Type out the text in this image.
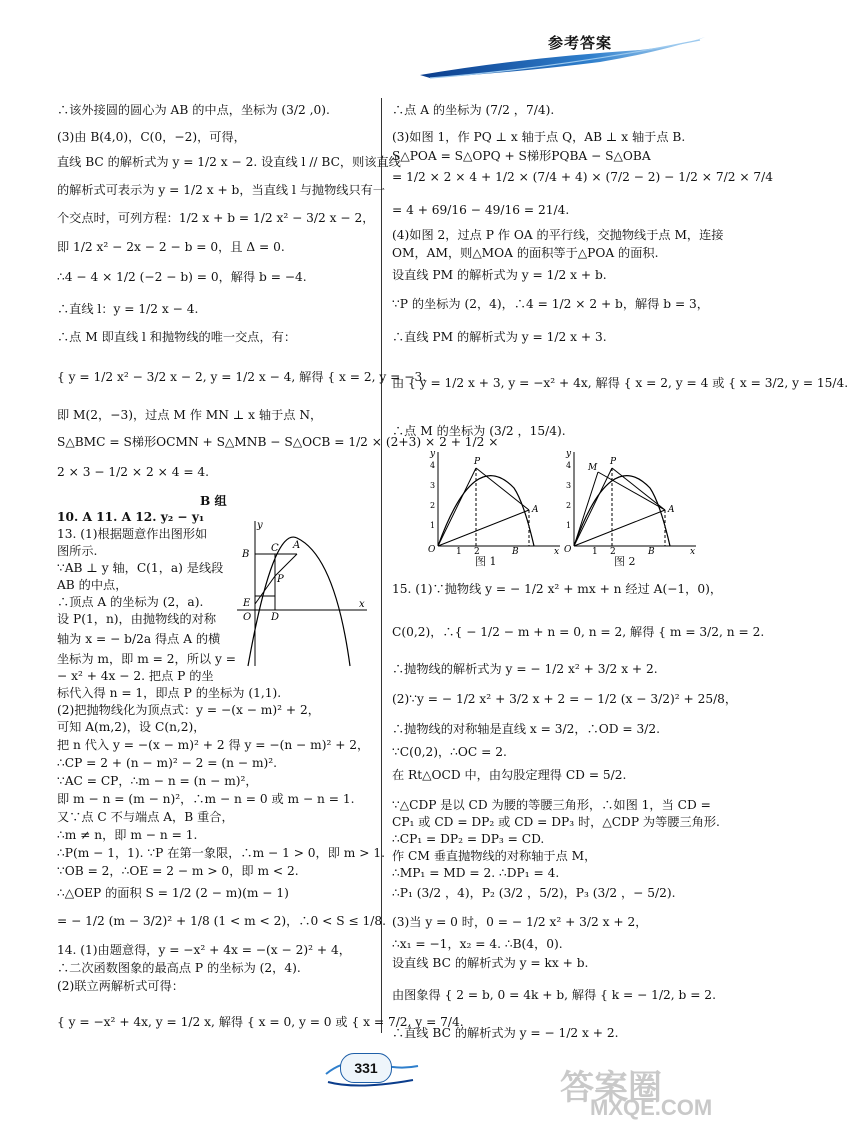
参考答案
∴该外接圆的圆心为 AB 的中点，坐标为 (3/2 ,0).
(3)由 B(4,0)，C(0，−2)，可得，
直线 BC 的解析式为 y = 1/2 x − 2. 设直线 l // BC，则该直线
的解析式可表示为 y = 1/2 x + b，当直线 l 与抛物线只有一
个交点时，可列方程：1/2 x + b = 1/2 x² − 3/2 x − 2，
即 1/2 x² − 2x − 2 − b = 0，且 Δ = 0.
∴4 − 4 × 1/2 (−2 − b) = 0，解得 b = −4.
∴直线 l：y = 1/2 x − 4.
∴点 M 即直线 l 和抛物线的唯一交点，有：
{ y = 1/2 x² − 3/2 x − 2, y = 1/2 x − 4, 解得 { x = 2, y = −3.
即 M(2，−3)，过点 M 作 MN ⊥ x 轴于点 N，
S△BMC = S梯形OCMN + S△MNB − S△OCB = 1/2 × (2+3) × 2 + 1/2 ×
2 × 3 − 1/2 × 2 × 4 = 4.
B 组
10. A 11. A 12. y₂ − y₁
13. (1)根据题意作出图形如
图所示.
∵AB ⊥ y 轴，C(1，a) 是线段
AB 的中点，
∴顶点 A 的坐标为 (2，a).
设 P(1，n)，由抛物线的对称
轴为 x = − b/2a 得点 A 的横
坐标为 m，即 m = 2，所以 y =
− x² + 4x − 2. 把点 P 的坐
标代入得 n = 1，即点 P 的坐标为 (1,1).
(2)把抛物线化为顶点式：y = −(x − m)² + 2，
可知 A(m,2)，设 C(n,2)，
把 n 代入 y = −(x − m)² + 2 得 y = −(n − m)² + 2，
∴CP = 2 + (n − m)² − 2 = (n − m)².
∵AC = CP，∴m − n = (n − m)²，
即 m − n = (m − n)²，∴m − n = 0 或 m − n = 1.
又∵点 C 不与端点 A，B 重合，
∴m ≠ n，即 m − n = 1.
∴P(m − 1，1). ∵P 在第一象限，∴m − 1 > 0，即 m > 1.
∵OB = 2，∴OE = 2 − m > 0，即 m < 2.
∴△OEP 的面积 S = 1/2 (2 − m)(m − 1)
= − 1/2 (m − 3/2)² + 1/8 (1 < m < 2)，∴0 < S ≤ 1/8.
14. (1)由题意得，y = −x² + 4x = −(x − 2)² + 4，
∴二次函数图象的最高点 P 的坐标为 (2，4).
(2)联立两解析式可得：
{ y = −x² + 4x, y = 1/2 x, 解得 { x = 0, y = 0 或 { x = 7/2, y = 7/4.
y
B
C A
P
E
O D
x
∴点 A 的坐标为 (7/2 ，7/4).
(3)如图 1，作 PQ ⊥ x 轴于点 Q，AB ⊥ x 轴于点 B.
S△POA = S△OPQ + S梯形PQBA − S△OBA
= 1/2 × 2 × 4 + 1/2 × (7/4 + 4) × (7/2 − 2) − 1/2 × 7/2 × 7/4
= 4 + 69/16 − 49/16 = 21/4.
(4)如图 2，过点 P 作 OA 的平行线，交抛物线于点 M，连接
OM，AM，则△MOA 的面积等于△POA 的面积.
设直线 PM 的解析式为 y = 1/2 x + b.
∵P 的坐标为 (2，4)，∴4 = 1/2 × 2 + b，解得 b = 3，
∴直线 PM 的解析式为 y = 1/2 x + 3.
由 { y = 1/2 x + 3, y = −x² + 4x, 解得 { x = 2, y = 4 或 { x = 3/2, y = 15/4.
∴点 M 的坐标为 (3/2 ，15/4).
y
P
A
O 1 2	B	x
1
2
3
4
图 1
y
M
P
A
O 1 2	B	x
1
2
3
4
图 2
15. (1)∵抛物线 y = − 1/2 x² + mx + n 经过 A(−1，0)，
C(0,2)，∴{ − 1/2 − m + n = 0, n = 2, 解得 { m = 3/2, n = 2.
∴抛物线的解析式为 y = − 1/2 x² + 3/2 x + 2.
(2)∵y = − 1/2 x² + 3/2 x + 2 = − 1/2 (x − 3/2)² + 25/8，
∴抛物线的对称轴是直线 x = 3/2，∴OD = 3/2.
∵C(0,2)，∴OC = 2.
在 Rt△OCD 中，由勾股定理得 CD = 5/2.
∵△CDP 是以 CD 为腰的等腰三角形，∴如图 1，当 CD =
CP₁ 或 CD = DP₂ 或 CD = DP₃ 时，△CDP 为等腰三角形.
∴CP₁ = DP₂ = DP₃ = CD.
作 CM 垂直抛物线的对称轴于点 M，
∴MP₁ = MD = 2. ∴DP₁ = 4.
∴P₁ (3/2 ，4)，P₂ (3/2 ，5/2)，P₃ (3/2 ，− 5/2).
(3)当 y = 0 时，0 = − 1/2 x² + 3/2 x + 2，
∴x₁ = −1，x₂ = 4. ∴B(4，0).
设直线 BC 的解析式为 y = kx + b.
由图象得 { 2 = b, 0 = 4k + b, 解得 { k = − 1/2, b = 2.
∴直线 BC 的解析式为 y = − 1/2 x + 2.
331
答案圈
MXQE.COM
